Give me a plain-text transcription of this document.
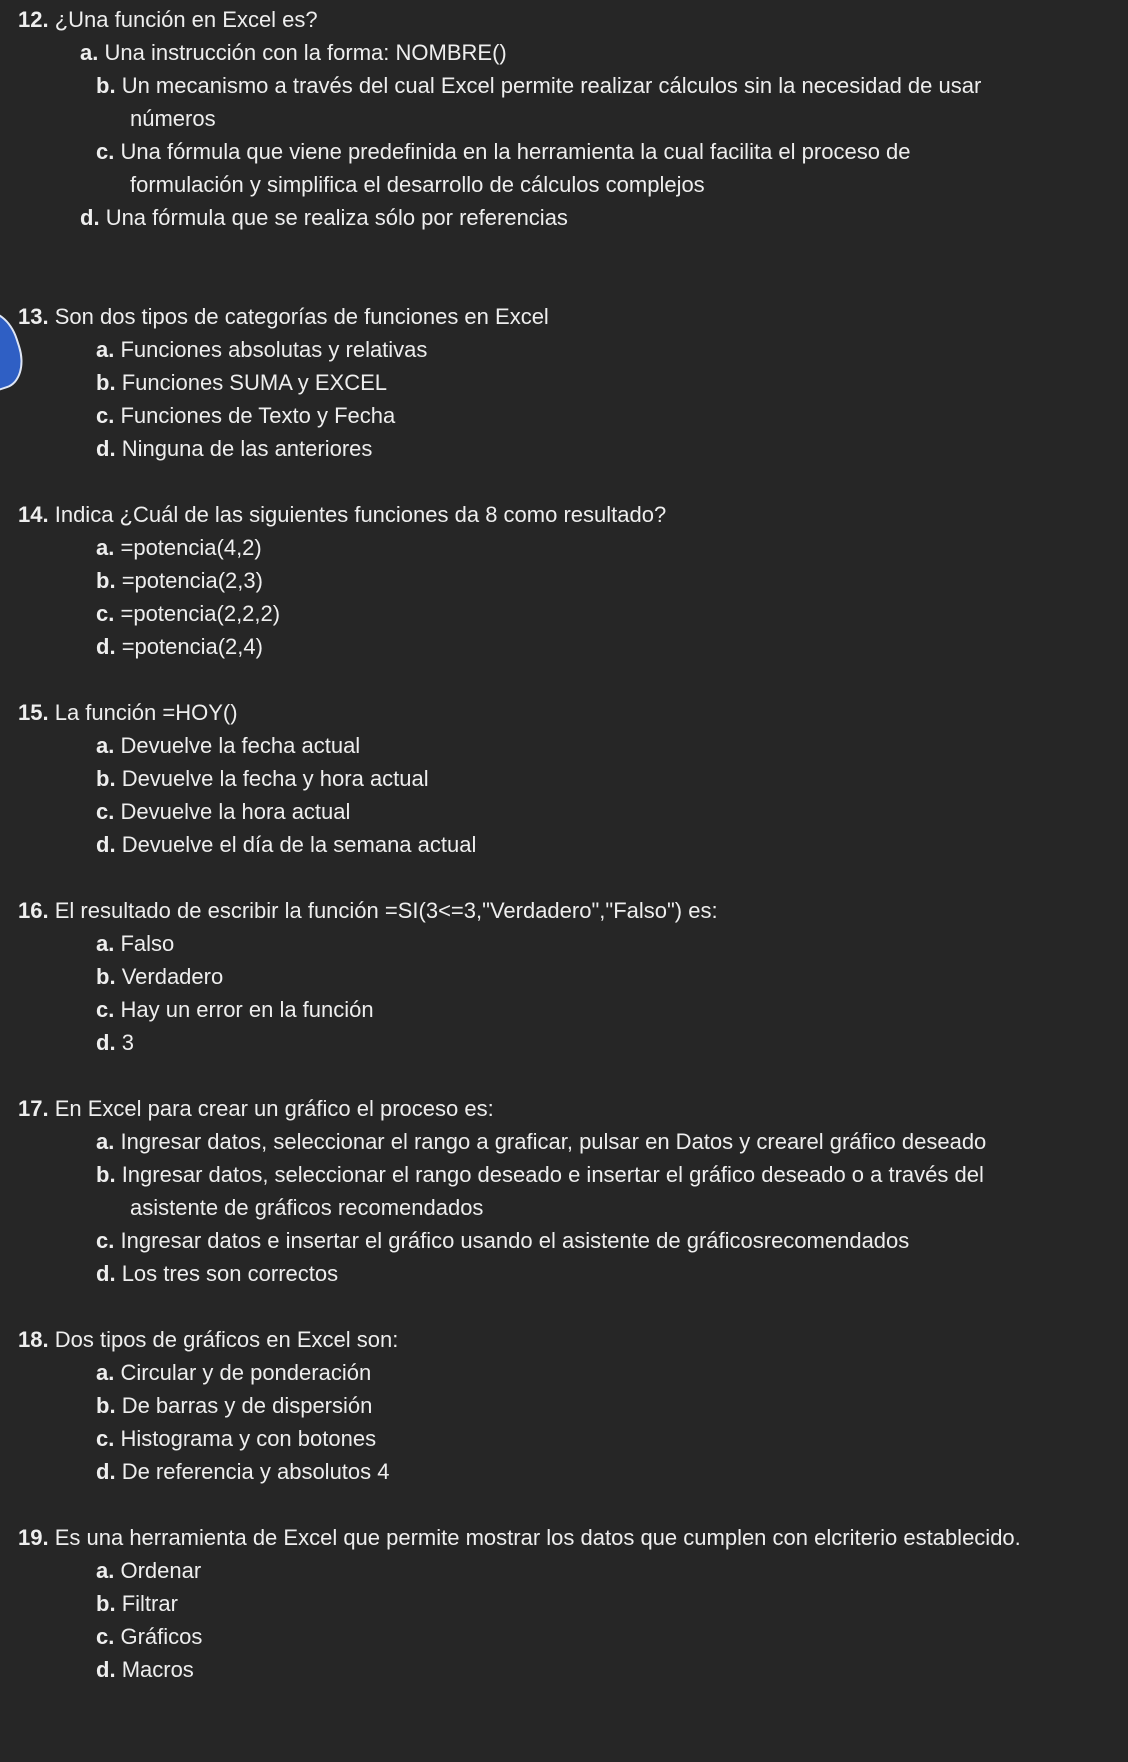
12. ¿Una función en Excel es?
a. Una instrucción con la forma: NOMBRE()
b. Un mecanismo a través del cual Excel permite realizar cálculos sin la necesidad de usar números
c. Una fórmula que viene predefinida en la herramienta la cual facilita el proceso de formulación y simplifica el desarrollo de cálculos complejos
d. Una fórmula que se realiza sólo por referencias
13. Son dos tipos de categorías de funciones en Excel
a. Funciones absolutas y relativas
b. Funciones SUMA y EXCEL
c. Funciones de Texto y Fecha
d. Ninguna de las anteriores
14. Indica ¿Cuál de las siguientes funciones da 8 como resultado?
a. =potencia(4,2)
b. =potencia(2,3)
c. =potencia(2,2,2)
d. =potencia(2,4)
15. La función =HOY()
a. Devuelve la fecha actual
b. Devuelve la fecha y hora actual
c. Devuelve la hora actual
d. Devuelve el día de la semana actual
16. El resultado de escribir la función =SI(3<=3,"Verdadero","Falso") es:
a. Falso
b. Verdadero
c. Hay un error en la función
d. 3
17. En Excel para crear un gráfico el proceso es:
a. Ingresar datos, seleccionar el rango a graficar, pulsar en Datos y crearel gráfico deseado
b. Ingresar datos, seleccionar el rango deseado e insertar el gráfico deseado o a través del asistente de gráficos recomendados
c. Ingresar datos e insertar el gráfico usando el asistente de gráficosrecomendados
d. Los tres son correctos
18. Dos tipos de gráficos en Excel son:
a. Circular y de ponderación
b. De barras y de dispersión
c. Histograma y con botones
d. De referencia y absolutos 4
19. Es una herramienta de Excel que permite mostrar los datos que cumplen con elcriterio establecido.
a. Ordenar
b. Filtrar
c. Gráficos
d. Macros
